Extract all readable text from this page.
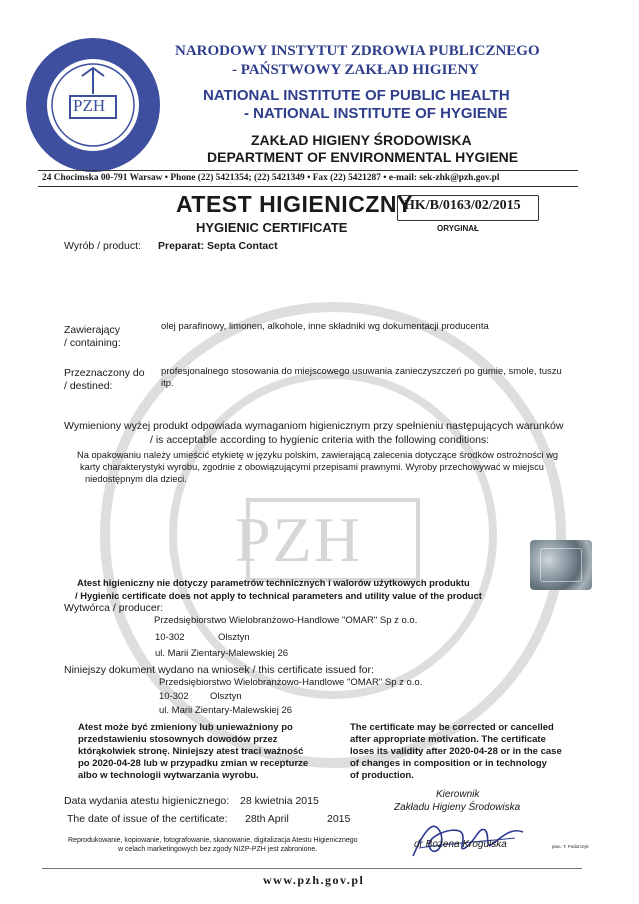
PZH
PZH
NARODOWY INSTYTUT ZDROWIA PUBLICZNEGO
- PAŃSTWOWY ZAKŁAD HIGIENY
NATIONAL INSTITUTE OF PUBLIC HEALTH
- NATIONAL INSTITUTE OF HYGIENE
ZAKŁAD HIGIENY ŚRODOWISKA
DEPARTMENT OF ENVIRONMENTAL HYGIENE
24 Chocimska 00-791 Warsaw • Phone (22) 5421354; (22) 5421349 • Fax (22) 5421287 • e-mail: sek-zhk@pzh.gov.pl
ATEST HIGIENICZNY
HK/B/0163/02/2015
HYGIENIC CERTIFICATE	ORYGINAŁ
Wyrób / product: Preparat: Septa Contact
Zawierający
/ containing:
olej parafinowy, limonen, alkohole, inne składniki wg dokumentacji producenta
Przeznaczony do
/ destined:
profesjonalnego stosowania do miejscowego usuwania zanieczyszczeń po gumie, smole, tuszu
itp.
Wymieniony wyżej produkt odpowiada wymaganiom higienicznym przy spełnieniu następujących warunków
/ is acceptable according to hygienic criteria with the following conditions:
Na opakowaniu należy umieścić etykietę w języku polskim, zawierającą zalecenia dotyczące środków ostrożności wg
karty charakterystyki wyrobu, zgodnie z obowiązującymi przepisami prawnymi. Wyroby przechowywać w miejscu
niedostępnym dla dzieci.
Atest higieniczny nie dotyczy parametrów technicznych i walorów użytkowych produktu
/ Hygienic certificate does not apply to technical parameters and utility value of the product
Wytwórca / producer:
Przedsiębiorstwo Wielobranżowo-Handlowe "OMAR" Sp z o.o.
10-302	Olsztyn
ul. Marii Zientary-Malewskiej 26
Niniejszy dokument wydano na wniosek / this certificate issued for:
Przedsiębiorstwo Wielobranżowo-Handlowe "OMAR" Sp z o.o.
10-302 Olsztyn
ul. Marii Zientary-Malewskiej 26
Atest może być zmieniony lub unieważniony po
przedstawieniu stosownych dowodów przez
którąkolwiek stronę. Niniejszy atest traci ważność
po 2020-04-28 lub w przypadku zmian w recepturze
albo w technologii wytwarzania wyrobu.
The certificate may be corrected or cancelled
after appropriate motivation. The certificate
loses its validity after 2020-04-28 or in the case
of changes in composition or in technology
of production.
Data wydania atestu higienicznego: 28 kwietnia 2015
The date of issue of the certificate: 28th April	2015
Kierownik
Zakładu Higieny Środowiska
dr Bożena Krogulska	prac. T. Fedorczyk
Reprodukowanie, kopiowanie, fotografowanie, skanowanie, digitalizacja Atestu Higienicznego
w celach marketingowych bez zgody NIZP-PZH jest zabronione.
www.pzh.gov.pl
